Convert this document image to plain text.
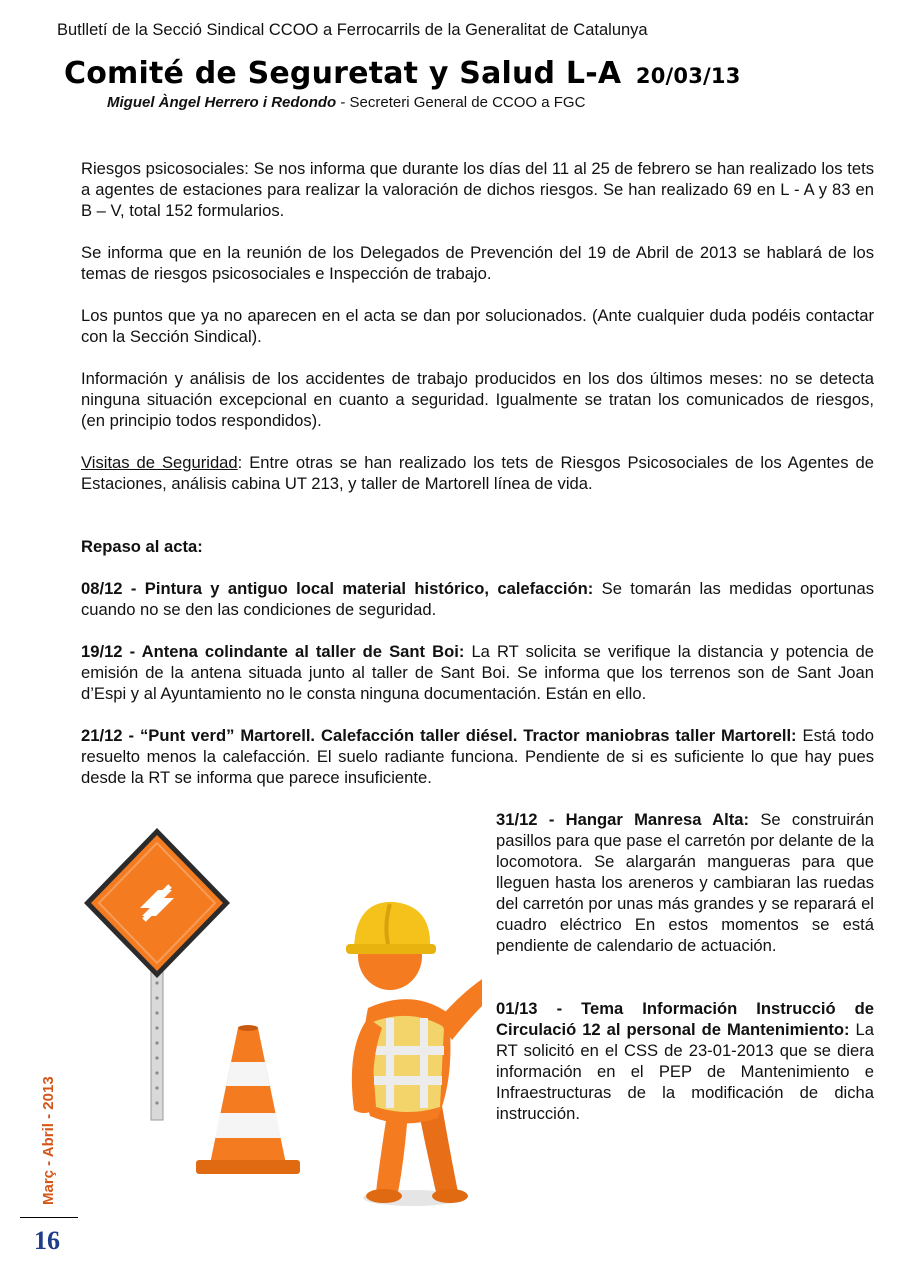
Butlletí de la Secció Sindical CCOO a Ferrocarrils de la Generalitat de Catalunya
Comité de Seguretat y Salud L-A 20/03/13
Miguel Àngel Herrero i Redondo - Secreteri General de CCOO a FGC

Riesgos psicosociales: Se nos informa que durante los días del 11 al 25 de febrero se han realizado los tets a agentes de estaciones para realizar la valoración de dichos riesgos. Se han realizado 69 en L - A y 83 en B – V, total 152 formularios.

Se informa que en la reunión de los Delegados de Prevención del 19 de Abril de 2013 se hablará de los temas de riesgos psicosociales e Inspección de trabajo.

Los puntos que ya no aparecen en el acta se dan por solucionados. (Ante cualquier duda podéis contactar con la Sección Sindical).

Información y análisis de los accidentes de trabajo producidos en los dos últimos meses: no se detecta ninguna situación excepcional en cuanto a seguridad. Igualmente se tratan los comunicados de riesgos, (en principio todos respondidos).

Visitas de Seguridad: Entre otras se han realizado los tets de Riesgos Psicosociales de los Agentes de Estaciones, análisis cabina UT 213, y taller de Martorell línea de vida.

Repaso al acta:

08/12 - Pintura y antiguo local material histórico, calefacción: Se tomarán las medidas oportunas cuando no se den las condiciones de seguridad.

19/12 - Antena colindante al taller de Sant Boi: La RT solicita se verifique la distancia y potencia de emisión de la antena situada junto al taller de Sant Boi. Se informa que los terrenos son de Sant Joan d’Espi y al Ayuntamiento no le consta ninguna documentación. Están en ello.

21/12 - “Punt verd” Martorell. Calefacción taller diésel. Tractor maniobras taller Martorell: Está todo resuelto menos la calefacción. El suelo radiante funciona. Pendiente de si es suficiente lo que hay pues desde la RT se informa que parece insuficiente.

31/12 - Hangar Manresa Alta: Se construirán pasillos para que pase el carretón por delante de la locomotora. Se alargarán mangueras para que lleguen hasta los areneros y cambiaran las ruedas del carretón por unas más grandes y se reparará el cuadro eléctrico En estos momentos se está pendiente de calendario de actuación.

01/13 - Tema Información Instrucció de Circulació 12 al personal de Mantenimiento: La RT solicitó en el CSS de 23-01-2013 que se diera información en el PEP de Mantenimiento e Infraestructuras de la modificación de dicha instrucción.

Març - Abril - 2013
16
